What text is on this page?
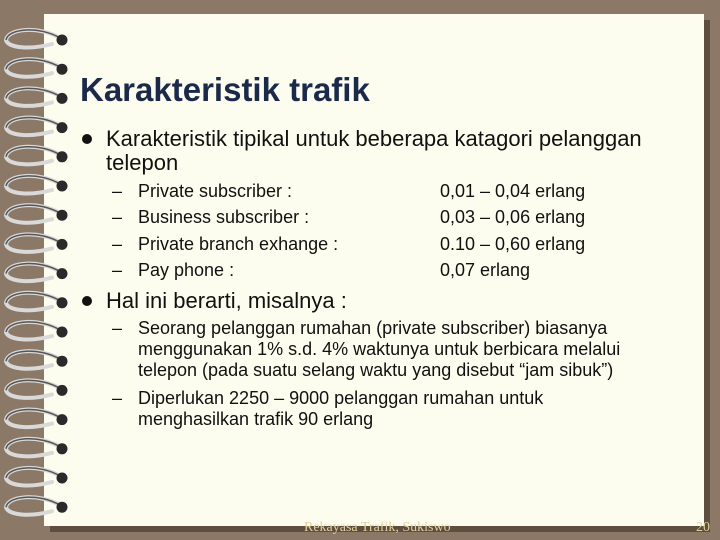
Karakteristik trafik
Karakteristik tipikal untuk beberapa katagori pelanggan
telepon
– Private subscriber :	0,01 – 0,04 erlang
– Business subscriber :	0,03 – 0,06 erlang
– Private branch exhange :	0.10 – 0,60 erlang
– Pay phone :	0,07 erlang
Hal ini berarti, misalnya :
– Seorang pelanggan rumahan (private subscriber) biasanya
menggunakan 1% s.d. 4% waktunya untuk berbicara melalui
telepon (pada suatu selang waktu yang disebut “jam sibuk”)
– Diperlukan 2250 – 9000 pelanggan rumahan untuk
menghasilkan trafik 90 erlang
Rekayasa Trafik, Sukiswo	20
